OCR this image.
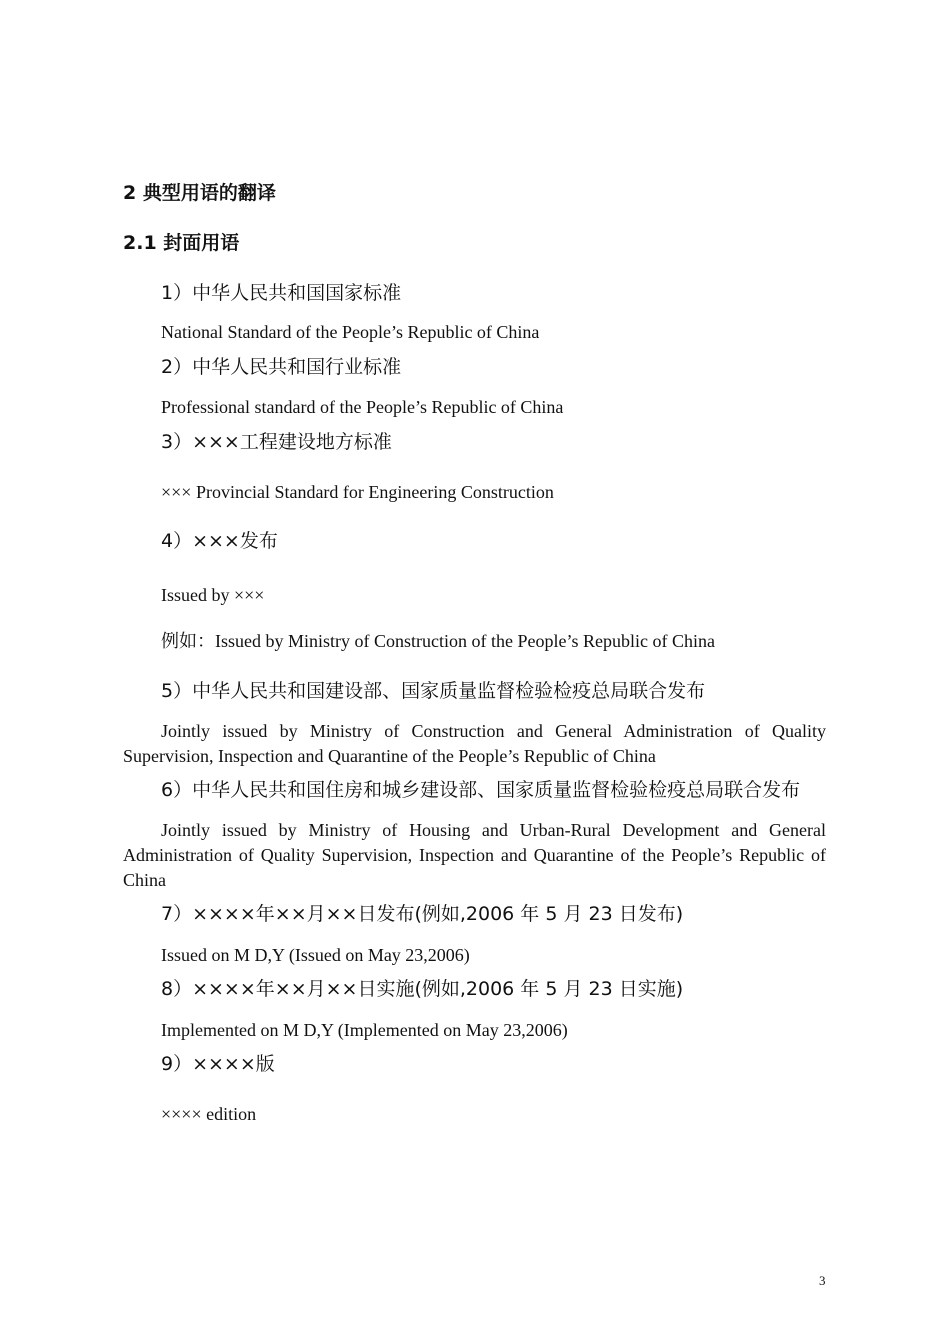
2 典型用语的翻译
2.1 封面用语
1）中华人民共和国国家标准
National Standard of the People’s Republic of China
2）中华人民共和国行业标准
Professional standard of the People’s Republic of China
3）×××工程建设地方标准
××× Provincial Standard for Engineering Construction
4）×××发布
Issued by ×××
例如：Issued by Ministry of Construction of the People’s Republic of China
5）中华人民共和国建设部、国家质量监督检验检疫总局联合发布
Jointly issued by Ministry of Construction and General Administration of Quality Supervision, Inspection and Quarantine of the People’s Republic of China
6）中华人民共和国住房和城乡建设部、国家质量监督检验检疫总局联合发布
Jointly issued by Ministry of Housing and Urban-Rural Development and General Administration of Quality Supervision, Inspection and Quarantine of the People’s Republic of China
7）××××年××月××日发布(例如,2006 年 5 月 23 日发布)
Issued on M D,Y (Issued on May 23,2006)
8）××××年××月××日实施(例如,2006 年 5 月 23 日实施)
Implemented on M D,Y (Implemented on May 23,2006)
9）××××版
×××× edition
3
